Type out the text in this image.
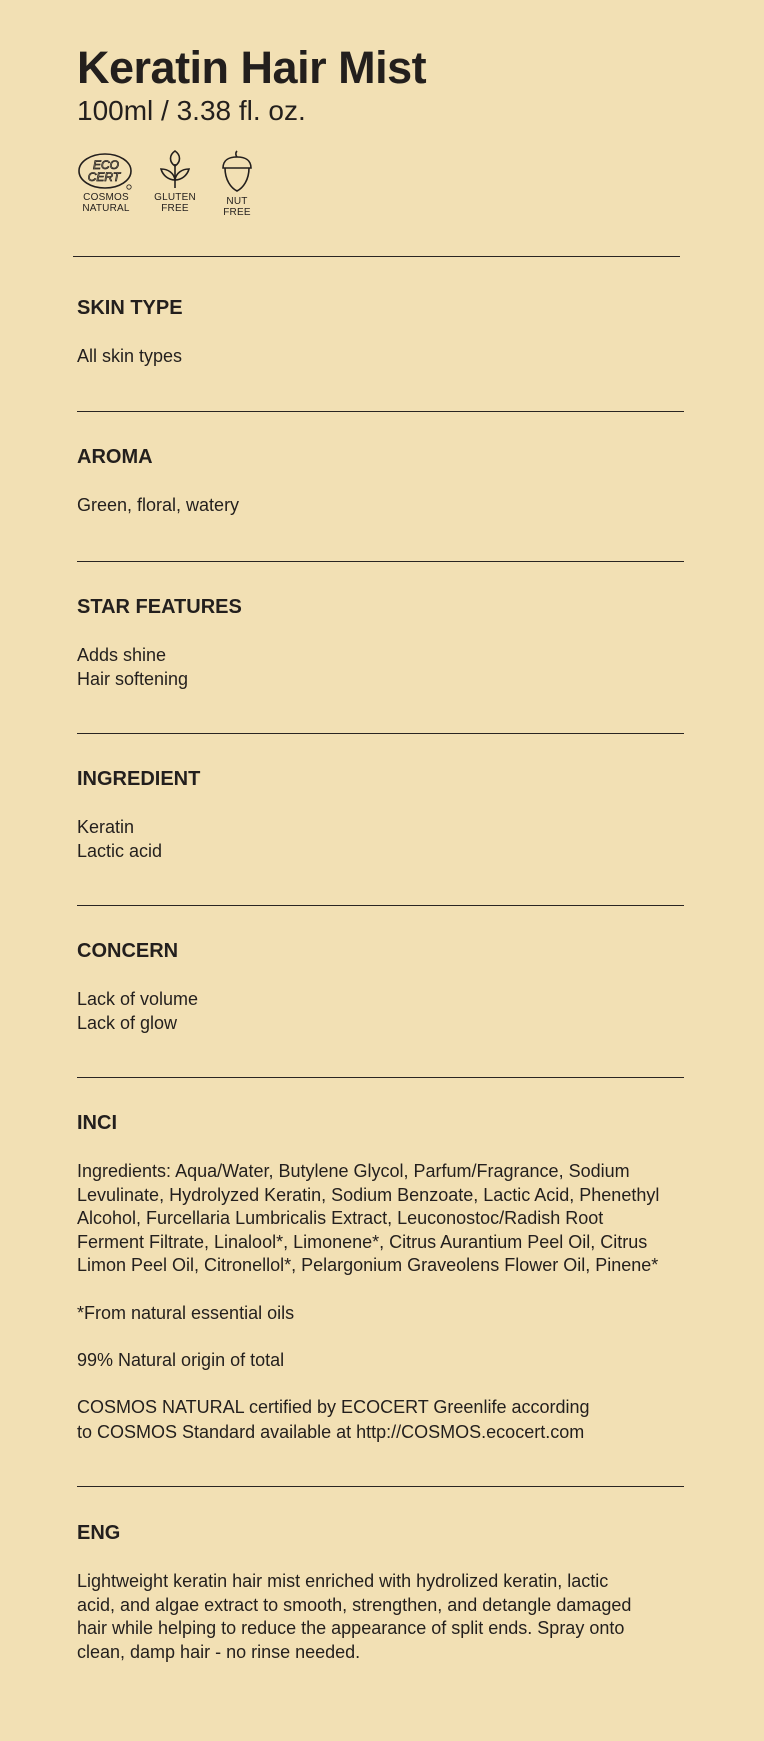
Keratin Hair Mist

100ml / 3.38 fl. oz.

ECO
CERT
COSMOS
NATURAL
GLUTEN
FREE
NUT
FREE
SKIN TYPE

All skin types

AROMA

Green, floral, watery

STAR FEATURES

Adds shine
Hair softening

INGREDIENT

Keratin
Lactic acid

CONCERN

Lack of volume
Lack of glow

INCI

Ingredients: Aqua/Water, Butylene Glycol, Parfum/Fragrance, Sodium
Levulinate, Hydrolyzed Keratin, Sodium Benzoate, Lactic Acid, Phenethyl
Alcohol, Furcellaria Lumbricalis Extract, Leuconostoc/Radish Root
Ferment Filtrate, Linalool*, Limonene*, Citrus Aurantium Peel Oil, Citrus
Limon Peel Oil, Citronellol*, Pelargonium Graveolens Flower Oil, Pinene*

*From natural essential oils

99% Natural origin of total

COSMOS NATURAL certified by ECOCERT Greenlife according
to COSMOS Standard available at http://COSMOS.ecocert.com

ENG

Lightweight keratin hair mist enriched with hydrolized keratin, lactic
acid, and algae extract to smooth, strengthen, and detangle damaged
hair while helping to reduce the appearance of split ends. Spray onto
clean, damp hair - no rinse needed.
